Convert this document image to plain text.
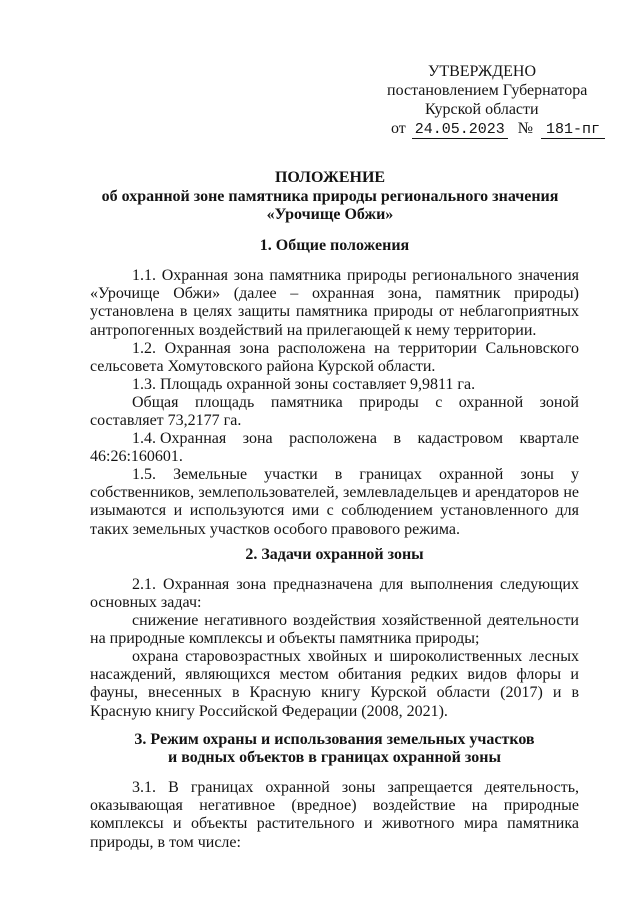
УТВЕРЖДЕНО
постановлением Губернатора
Курской области
от 24.05.2023 № 181-пг
ПОЛОЖЕНИЕ
об охранной зоне памятника природы регионального значения
«Урочище Обжи»
1. Общие положения
1.1. Охранная зона памятника природы регионального значения «Урочище Обжи» (далее – охранная зона, памятник природы) установлена в целях защиты памятника природы от неблагоприятных антропогенных воздействий на прилегающей к нему территории.
1.2. Охранная зона расположена на территории Сальновского сельсовета Хомутовского района Курской области.
1.3. Площадь охранной зоны составляет 9,9811 га.
Общая площадь памятника природы с охранной зоной составляет 73,2177 га.
1.4. Охранная зона расположена в кадастровом квартале
46:26:160601.
1.5. Земельные участки в границах охранной зоны у собственников, землепользователей, землевладельцев и арендаторов не изымаются и используются ими с соблюдением установленного для таких земельных участков особого правового режима.
2. Задачи охранной зоны
2.1. Охранная зона предназначена для выполнения следующих основных задач:
снижение негативного воздействия хозяйственной деятельности на природные комплексы и объекты памятника природы;
охрана старовозрастных хвойных и широколиственных лесных насаждений, являющихся местом обитания редких видов флоры и фауны, внесенных в Красную книгу Курской области (2017) и в Красную книгу Российской Федерации (2008, 2021).
3. Режим охраны и использования земельных участков
и водных объектов в границах охранной зоны
3.1. В границах охранной зоны запрещается деятельность, оказывающая негативное (вредное) воздействие на природные комплексы и объекты растительного и животного мира памятника природы, в том числе:
